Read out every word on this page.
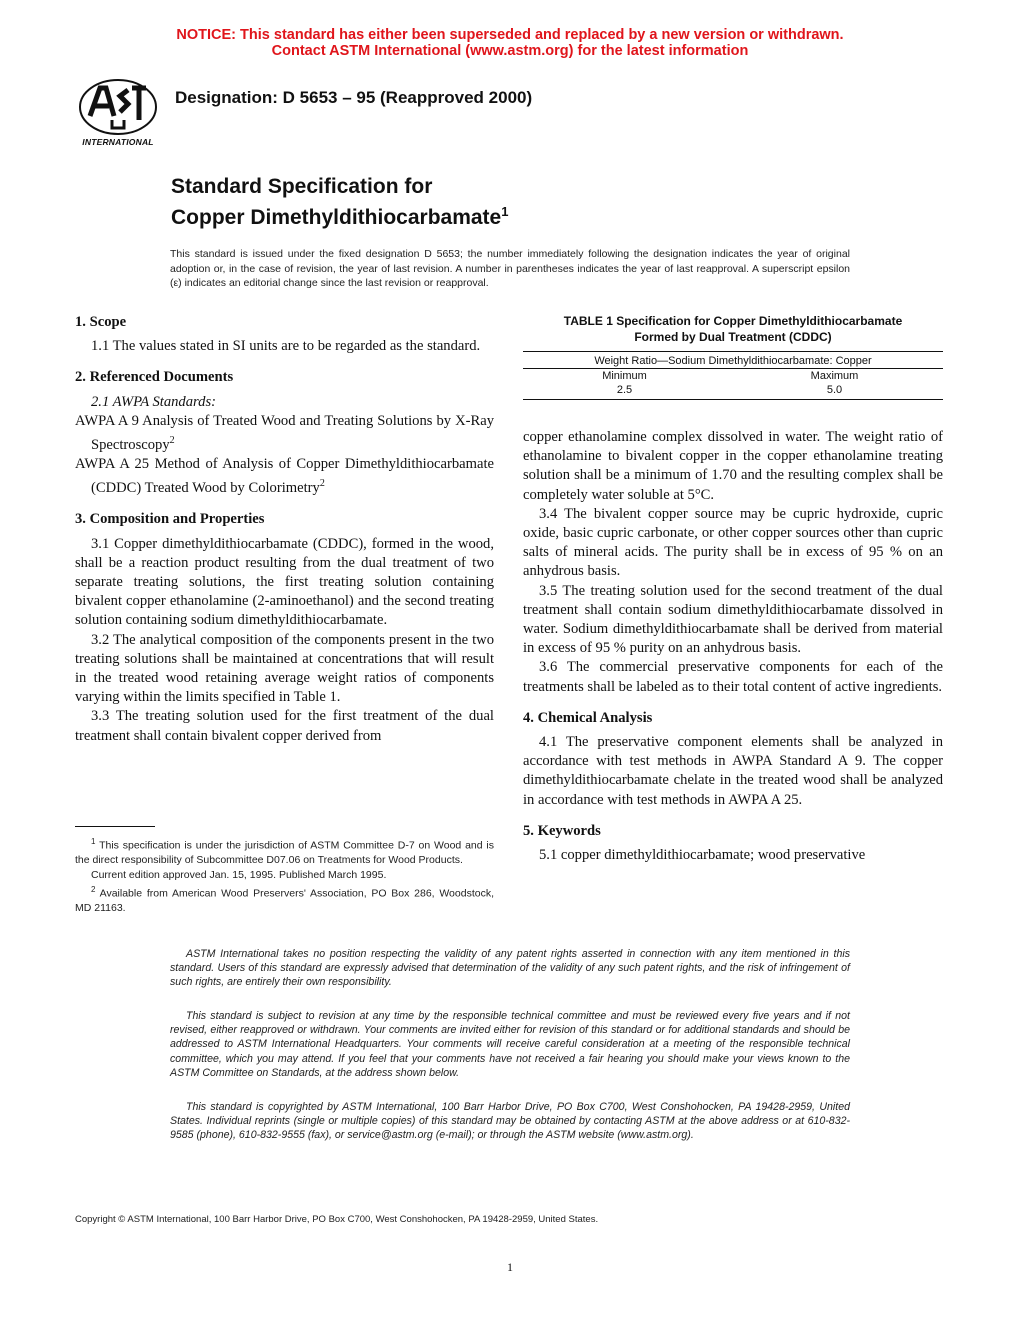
NOTICE: This standard has either been superseded and replaced by a new version or withdrawn.
Contact ASTM International (www.astm.org) for the latest information
INTERNATIONAL
Designation: D 5653 – 95 (Reapproved 2000)
Standard Specification for
Copper Dimethyldithiocarbamate$^1$
This standard is issued under the fixed designation D 5653; the number immediately following the designation indicates the year of original adoption or, in the case of revision, the year of last revision. A number in parentheses indicates the year of last reapproval. A superscript epsilon (ε) indicates an editorial change since the last revision or reapproval.

1. Scope

1.1 The values stated in SI units are to be regarded as the standard.

2. Referenced Documents

2.1 AWPA Standards:

AWPA A 9 Analysis of Treated Wood and Treating Solutions by X-Ray Spectroscopy$^2$

AWPA A 25 Method of Analysis of Copper Dimethyldithiocarbamate (CDDC) Treated Wood by Colorimetry$^2$

3. Composition and Properties

3.1 Copper dimethyldithiocarbamate (CDDC), formed in the wood, shall be a reaction product resulting from the dual treatment of two separate treating solutions, the first treating solution containing bivalent copper ethanolamine (2-aminoethanol) and the second treating solution containing sodium dimethyldithiocarbamate.

3.2 The analytical composition of the components present in the two treating solutions shall be maintained at concentrations that will result in the treated wood retaining average weight ratios of components varying within the limits specified in Table 1.

3.3 The treating solution used for the first treatment of the dual treatment shall contain bivalent copper derived from

TABLE 1 Specification for Copper Dimethyldithiocarbamate
Formed by Dual Treatment (CDDC)
Weight Ratio—Sodium Dimethyldithiocarbamate: Copper	
Minimum	Maximum
2.5	5.0

copper ethanolamine complex dissolved in water. The weight ratio of ethanolamine to bivalent copper in the copper ethanolamine treating solution shall be a minimum of 1.70 and the resulting complex shall be completely water soluble at 5°C.

3.4 The bivalent copper source may be cupric hydroxide, cupric oxide, basic cupric carbonate, or other copper sources other than cupric salts of mineral acids. The purity shall be in excess of 95 % on an anhydrous basis.

3.5 The treating solution used for the second treatment of the dual treatment shall contain sodium dimethyldithiocarbamate dissolved in water. Sodium dimethyldithiocarbamate shall be derived from material in excess of 95 % purity on an anhydrous basis.

3.6 The commercial preservative components for each of the treatments shall be labeled as to their total content of active ingredients.

4. Chemical Analysis

4.1 The preservative component elements shall be analyzed in accordance with test methods in AWPA Standard A 9. The copper dimethyldithiocarbamate chelate in the treated wood shall be analyzed in accordance with test methods in AWPA A 25.

5. Keywords

5.1 copper dimethyldithiocarbamate; wood preservative

$^1$ This specification is under the jurisdiction of ASTM Committee D-7 on Wood and is the direct responsibility of Subcommittee D07.06 on Treatments for Wood Products.

Current edition approved Jan. 15, 1995. Published March 1995.

$^2$ Available from American Wood Preservers' Association, PO Box 286, Woodstock, MD 21163.

ASTM International takes no position respecting the validity of any patent rights asserted in connection with any item mentioned in this standard. Users of this standard are expressly advised that determination of the validity of any such patent rights, and the risk of infringement of such rights, are entirely their own responsibility.
This standard is subject to revision at any time by the responsible technical committee and must be reviewed every five years and if not revised, either reapproved or withdrawn. Your comments are invited either for revision of this standard or for additional standards and should be addressed to ASTM International Headquarters. Your comments will receive careful consideration at a meeting of the responsible technical committee, which you may attend. If you feel that your comments have not received a fair hearing you should make your views known to the ASTM Committee on Standards, at the address shown below.
This standard is copyrighted by ASTM International, 100 Barr Harbor Drive, PO Box C700, West Conshohocken, PA 19428-2959, United States. Individual reprints (single or multiple copies) of this standard may be obtained by contacting ASTM at the above address or at 610-832-9585 (phone), 610-832-9555 (fax), or service@astm.org (e-mail); or through the ASTM website (www.astm.org).
Copyright © ASTM International, 100 Barr Harbor Drive, PO Box C700, West Conshohocken, PA 19428-2959, United States.
1
